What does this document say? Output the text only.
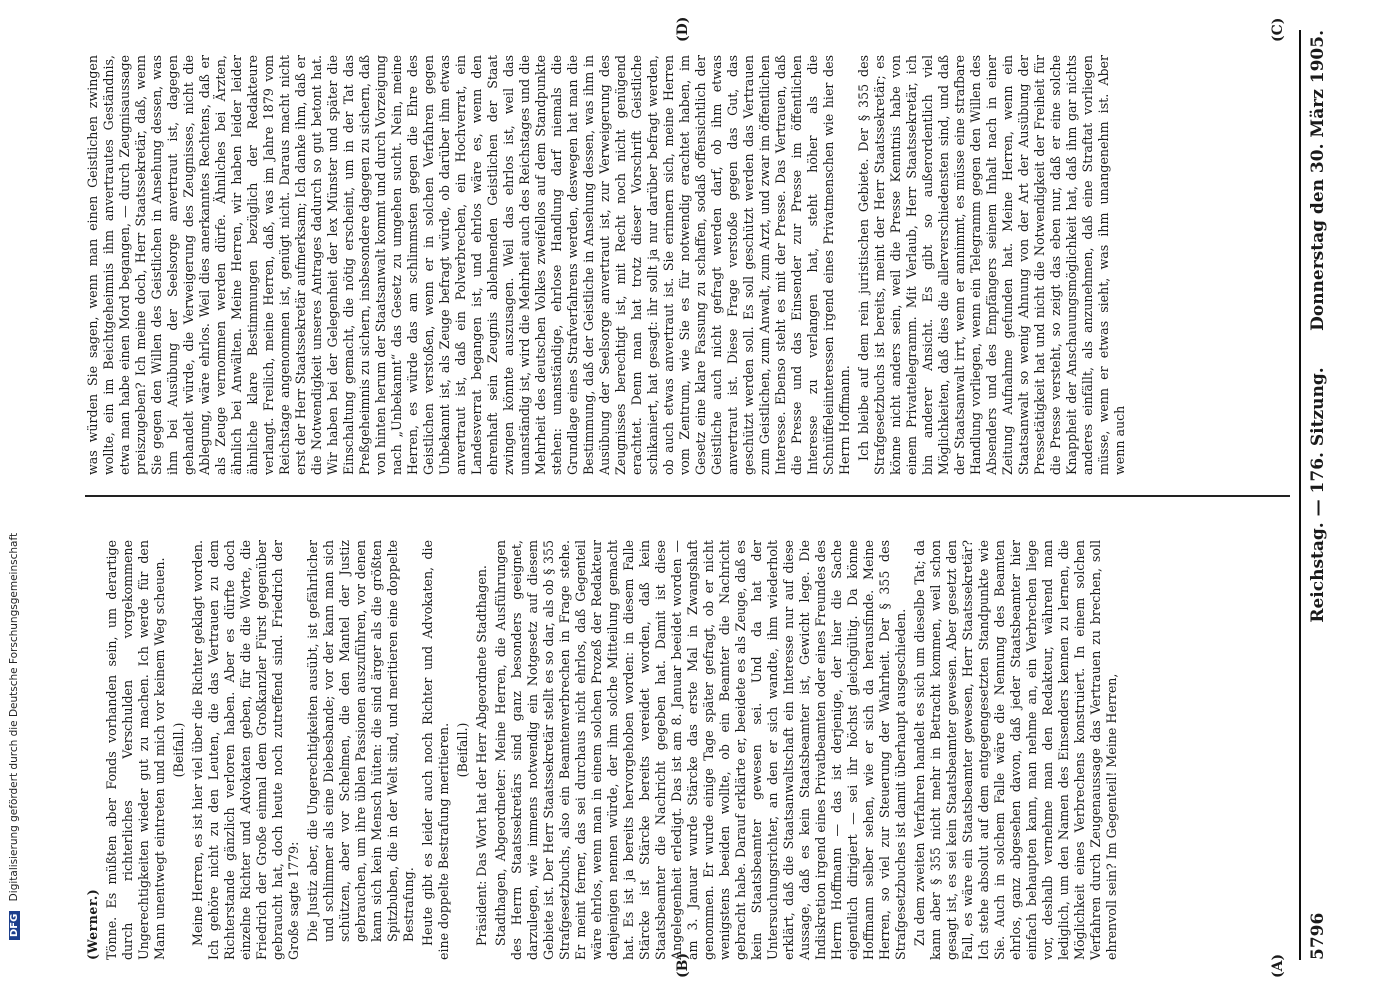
5796
Reichstag. — 176. Sitzung.
Donnerstag den 30. März 1905.
(A)
(B)
(C)
(D)

(Werner.) Tönne. Es müßten aber Fonds vorhanden sein, um derartige durch richterliches Verschulden vorgekommene Ungerechtigkeiten wieder gut zu machen. Ich werde für den Mann unentwegt eintreten und mich vor keinem Weg scheuen. (Beifall.) Meine Herren, es ist hier viel über die Richter geklagt worden. Ich gehöre nicht zu den Leuten, die das Vertrauen zu dem Richterstande gänzlich verloren haben. Aber es dürfte doch einzelne Richter und Advokaten geben, für die die Worte, die Friedrich der Große einmal dem Großkanzler Fürst gegenüber gebraucht hat, doch heute noch zutreffend sind. Friedrich der Große sagte 1779: Die Justiz aber, die Ungerechtigkeiten ausübt, ist gefährlicher und schlimmer als eine Diebesbande; vor der kann man sich schützen, aber vor Schelmen, die den Mantel der Justiz gebrauchen, um ihre üblen Passionen auszuführen, vor denen kann sich kein Mensch hüten: die sind ärger als die größten Spitzbuben, die in der Welt sind, und meritieren eine doppelte Bestrafung. Heute gibt es leider auch noch Richter und Advokaten, die eine doppelte Bestrafung meritieren. (Beifall.) Präsident: Das Wort hat der Herr Abgeordnete Stadthagen. Stadthagen, Abgeordneter: Meine Herren, die Ausführungen des Herrn Staatssekretärs sind ganz besonders geeignet, darzulegen, wie immens notwendig ein Notgesetz auf diesem Gebiete ist. Der Herr Staatssekretär stellt es so dar, als ob § 355 Strafgesetzbuchs, also ein Beamtenverbrechen in Frage stehe. Er meint ferner, das sei durchaus nicht ehrlos, daß Gegenteil wäre ehrlos, wenn man in einem solchen Prozeß der Redakteur denjenigen nennen würde, der ihm solche Mitteilung gemacht hat. Es ist ja bereits hervorgehoben worden: in diesem Falle Stärcke ist Stärcke bereits vereidet worden, daß kein Staatsbeamter die Nachricht gegeben hat. Damit ist diese Angelegenheit erledigt. Das ist am 8. Januar beeidet worden — am 3. Januar wurde Stärcke das erste Mal in Zwangshaft genommen. Er wurde einige Tage später gefragt, ob er nicht wenigstens beeiden wollte, ob ein Beamter die Nachricht gebracht habe. Darauf erklärte er, beeidete es als Zeuge, daß es kein Staatsbeamter gewesen sei. Und da hat der Untersuchungsrichter, an den er sich wandte, ihm wiederholt erklärt, daß die Staatsanwaltschaft ein Interesse nur auf diese Aussage, daß es kein Staatsbeamter ist, Gewicht lege. Die Indiskretion irgend eines Privatbeamten oder eines Freundes des Herrn Hoffmann — das ist derjenige, der hier die Sache eigentlich dirigiert — sei ihr höchst gleichgültig. Da könne Hoffmann selber sehen, wie er sich da herausfinde. Meine Herren, so viel zur Steuerung der Wahrheit. Der § 355 des Strafgesetzbuches ist damit überhaupt ausgeschieden. Zu dem zweiten Verfahren handelt es sich um dieselbe Tat; da kann aber § 355 nicht mehr in Betracht kommen, weil schon gesagt ist, es sei kein Staatsbeamter gewesen. Aber gesetzt den Fall, es wäre ein Staatsbeamter gewesen, Herr Staatssekretär? Ich stehe absolut auf dem entgegengesetzten Standpunkte wie Sie. Auch in solchem Falle wäre die Nennung des Beamten ehrlos, ganz abgesehen davon, daß jeder Staatsbeamter hier einfach behaupten kann, man nehme an, ein Verbrechen liege vor, deshalb vernehme man den Redakteur, während man lediglich, um den Namen des Einsenders kennen zu lernen, die Möglichkeit eines Verbrechens konstruiert. In einem solchen Verfahren durch Zeugenaussage das Vertrauen zu brechen, soll ehrenvoll sein? Im Gegenteil! Meine Herren,

was würden Sie sagen, wenn man einen Geistlichen zwingen wollte, ein im Beichtgeheimnis ihm anvertrautes Geständnis, etwa man habe einen Mord begangen, — durch Zeugnisaussage preiszugeben? Ich meine doch, Herr Staatssekretär, daß, wenn Sie gegen den Willen des Geistlichen in Ansehung dessen, was ihm bei Ausübung der Seelsorge anvertraut ist, dagegen gehandelt würde, die Verweigerung des Zeugnisses, nicht die Ablegung, wäre ehrlos. Weil dies anerkanntes Rechtens, daß er als Zeuge vernommen werden dürfe. Ähnliches bei Ärzten, ähnlich bei Anwälten. Meine Herren, wir haben leider leider ähnliche klare Bestimmungen bezüglich der Redakteure verlangt. Freilich, meine Herren, daß, was im Jahre 1879 vom Reichstage angenommen ist, genügt nicht. Daraus macht nicht erst der Herr Staatssekretär aufmerksam; Ich danke ihm, daß er die Notwendigkeit unseres Antrages dadurch so gut betont hat. Wir haben bei der Gelegenheit der lex Münster und später die Einschaltung gemacht, die nötig erscheint, um in der Tat das Preßgeheimnis zu sichern, insbesondere dagegen zu sichern, daß von hinten herum der Staatsanwalt kommt und durch Vorzeigung nach „Unbekannt“ das Gesetz zu umgehen sucht. Nein, meine Herren, es würde das am schlimmsten gegen die Ehre des Geistlichen verstoßen, wenn er in solchen Verfahren gegen Unbekannt ist, als Zeuge befragt würde, ob darüber ihm etwas anvertraut ist, daß ein Polverbrechen, ein Hochverrat, ein Landesverrat begangen ist, und ehrlos wäre es, wenn den ehrenhaft sein Zeugnis ablehnenden Geistlichen der Staat zwingen könnte auszusagen. Weil das ehrlos ist, weil das unanständig ist, wird die Mehrheit auch des Reichstages und die Mehrheit des deutschen Volkes zweifellos auf dem Standpunkte stehen: unanständige, ehrlose Handlung darf niemals die Grundlage eines Strafverfahrens werden, deswegen hat man die Bestimmung, daß der Geistliche in Ansehung dessen, was ihm in Ausübung der Seelsorge anvertraut ist, zur Verweigerung des Zeugnisses berechtigt ist, mit Recht noch nicht genügend erachtet. Denn man hat trotz dieser Vorschrift Geistliche schikaniert, hat gesagt: ihr sollt ja nur darüber befragt werden, ob auch etwas anvertraut ist. Sie erinnern sich, meine Herren vom Zentrum, wie Sie es für notwendig erachtet haben, im Gesetz eine klare Fassung zu schaffen, sodaß offensichtlich der Geistliche auch nicht gefragt werden darf, ob ihm etwas anvertraut ist. Diese Frage verstoße gegen das Gut, das geschützt werden soll. Es soll geschützt werden das Vertrauen zum Geistlichen, zum Anwalt, zum Arzt, und zwar im öffentlichen Interesse. Ebenso steht es mit der Presse. Das Vertrauen, daß die Presse und das Einsender zur Presse im öffentlichen Interesse zu verlangen hat, steht höher als die Schnüffeleiinteressen irgend eines Privatmenschen wie hier des Herrn Hoffmann. Ich bleibe auf dem rein juristischen Gebiete. Der § 355 des Strafgesetzbuchs ist bereits, meint der Herr Staatssekretär; es könne nicht anders sein, weil die Presse Kenntnis habe von einem Privattelegramm. Mit Verlaub, Herr Staatssekretär, ich bin anderer Ansicht. Es gibt so außerordentlich viel Möglichkeiten, daß dies die allerverschiedensten sind, und daß der Staatsanwalt irrt, wenn er annimmt, es müsse eine strafbare Handlung vorliegen, wenn ein Telegramm gegen den Willen des Absenders und des Empfängers seinem Inhalt nach in einer Zeitung Aufnahme gefunden hat. Meine Herren, wenn ein Staatsanwalt so wenig Ahnung von der Art der Ausübung der Pressetätigkeit hat und nicht die Notwendigkeit der Freiheit für die Presse versteht, so zeigt das eben nur, daß er eine solche Knappheit der Anschauungsmöglichkeit hat, daß ihm gar nichts anderes einfällt, als anzunehmen, daß eine Straftat vorliegen müsse, wenn er etwas sieht, was ihm unangenehm ist. Aber wenn auch

DFG Digitalisierung gefördert durch die Deutsche Forschungsgemeinschaft
